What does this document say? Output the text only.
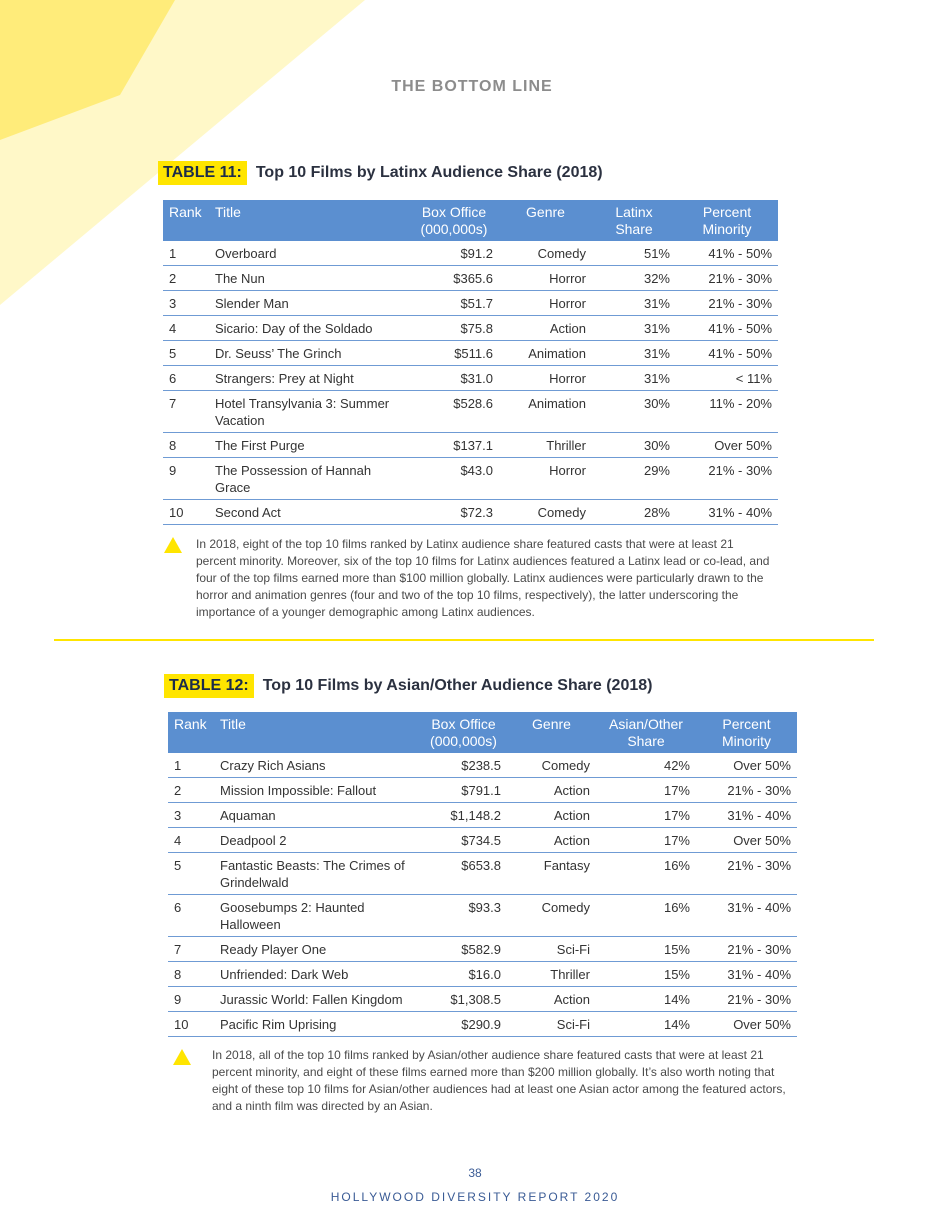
THE BOTTOM LINE
TABLE 11: Top 10 Films by Latinx Audience Share (2018)
Rank	Title	Box Office (000,000s)	Genre	Latinx Share	Percent Minority
1	Overboard	$91.2	Comedy	51%	41% - 50%
2	The Nun	$365.6	Horror	32%	21% - 30%
3	Slender Man	$51.7	Horror	31%	21% - 30%
4	Sicario: Day of the Soldado	$75.8	Action	31%	41% - 50%
5	Dr. Seuss’ The Grinch	$511.6	Animation	31%	41% - 50%
6	Strangers: Prey at Night	$31.0	Horror	31%	< 11%
7	Hotel Transylvania 3: Summer Vacation	$528.6	Animation	30%	11% - 20%
8	The First Purge	$137.1	Thriller	30%	Over 50%
9	The Possession of Hannah Grace	$43.0	Horror	29%	21% - 30%
10	Second Act	$72.3	Comedy	28%	31% - 40%
In 2018, eight of the top 10 films ranked by Latinx audience share featured casts that were at least 21 percent minority. Moreover, six of the top 10 films for Latinx audiences featured a Latinx lead or co-lead, and four of the top films earned more than $100 million globally. Latinx audiences were particularly drawn to the horror and animation genres (four and two of the top 10 films, respectively), the latter underscoring the importance of a younger demographic among Latinx audiences.
TABLE 12: Top 10 Films by Asian/Other Audience Share (2018)
Rank	Title	Box Office (000,000s)	Genre	Asian/Other Share	Percent Minority
1	Crazy Rich Asians	$238.5	Comedy	42%	Over 50%
2	Mission Impossible: Fallout	$791.1	Action	17%	21% - 30%
3	Aquaman	$1,148.2	Action	17%	31% - 40%
4	Deadpool 2	$734.5	Action	17%	Over 50%
5	Fantastic Beasts: The Crimes of Grindelwald	$653.8	Fantasy	16%	21% - 30%
6	Goosebumps 2: Haunted Halloween	$93.3	Comedy	16%	31% - 40%
7	Ready Player One	$582.9	Sci-Fi	15%	21% - 30%
8	Unfriended: Dark Web	$16.0	Thriller	15%	31% - 40%
9	Jurassic World: Fallen Kingdom	$1,308.5	Action	14%	21% - 30%
10	Pacific Rim Uprising	$290.9	Sci-Fi	14%	Over 50%
In 2018, all of the top 10 films ranked by Asian/other audience share featured casts that were at least 21 percent minority, and eight of these films earned more than $200 million globally. It’s also worth noting that eight of these top 10 films for Asian/other audiences had at least one Asian actor among the featured actors, and a ninth film was directed by an Asian.
38
HOLLYWOOD DIVERSITY REPORT 2020
